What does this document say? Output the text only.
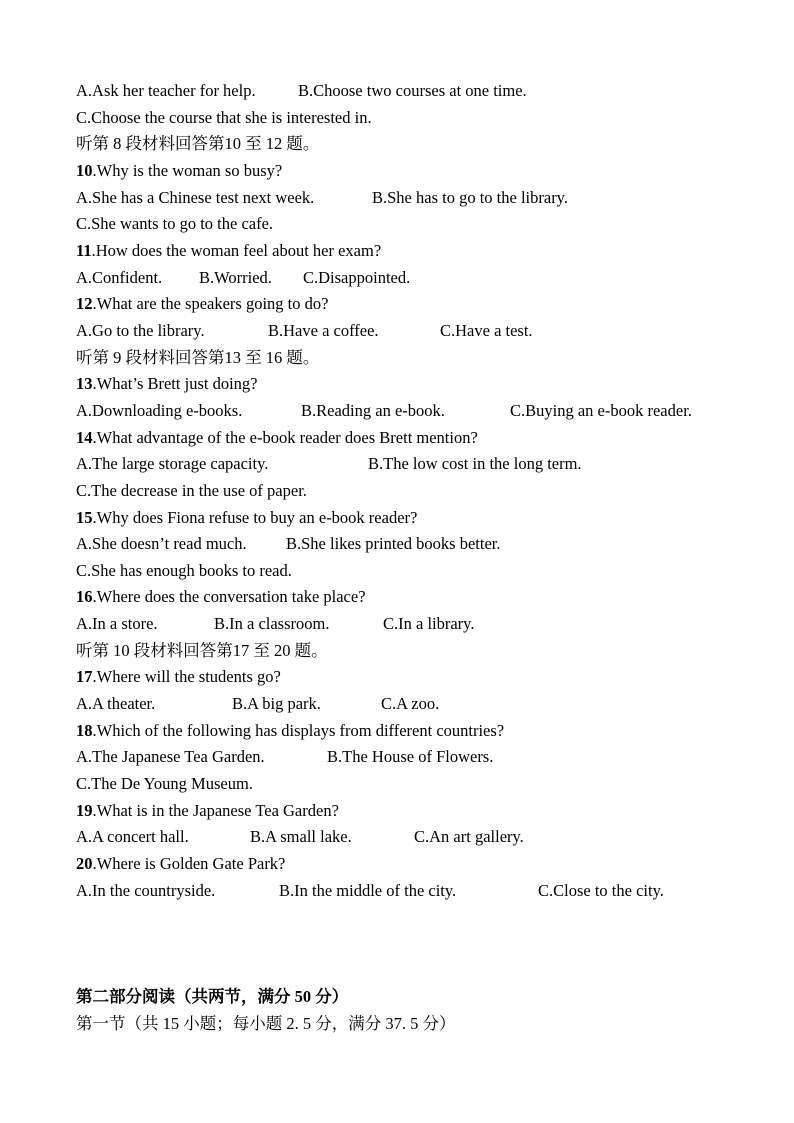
A.Ask her teacher for help.	B.Choose two courses at one time.
C.Choose the course that she is interested in.
听第 8 段材料回答第10 至 12 题。
10.Why is the woman so busy?
A.She has a Chinese test next week.	B.She has to go to the library.
C.She wants to go to the cafe.
11.How does the woman feel about her exam?
A.Confident. B.Worried. C.Disappointed.
12.What are the speakers going to do?
A.Go to the library.	B.Have a coffee.	C.Have a test.
听第 9 段材料回答第13 至 16 题。
13.What’s Brett just doing?
A.Downloading e-books.	B.Reading an e-book.	C.Buying an e-book reader.
14.What advantage of the e-book reader does Brett mention?
A.The large storage capacity.	B.The low cost in the long term.
C.The decrease in the use of paper.
15.Why does Fiona refuse to buy an e-book reader?
A.She doesn’t read much. B.She likes printed books better.
C.She has enough books to read.
16.Where does the conversation take place?
A.In a store.	B.In a classroom.	C.In a library.
听第 10 段材料回答第17 至 20 题。
17.Where will the students go?
A.A theater.	B.A big park.	C.A zoo.
18.Which of the following has displays from different countries?
A.The Japanese Tea Garden.	B.The House of Flowers.
C.The De Young Museum.
19.What is in the Japanese Tea Garden?
A.A concert hall.	B.A small lake.	C.An art gallery.
20.Where is Golden Gate Park?
A.In the countryside.	B.In the middle of the city.	C.Close to the city.
第二部分阅读（共两节，满分 50 分）
第一节（共 15 小题；每小题 2. 5 分，满分 37. 5 分）
